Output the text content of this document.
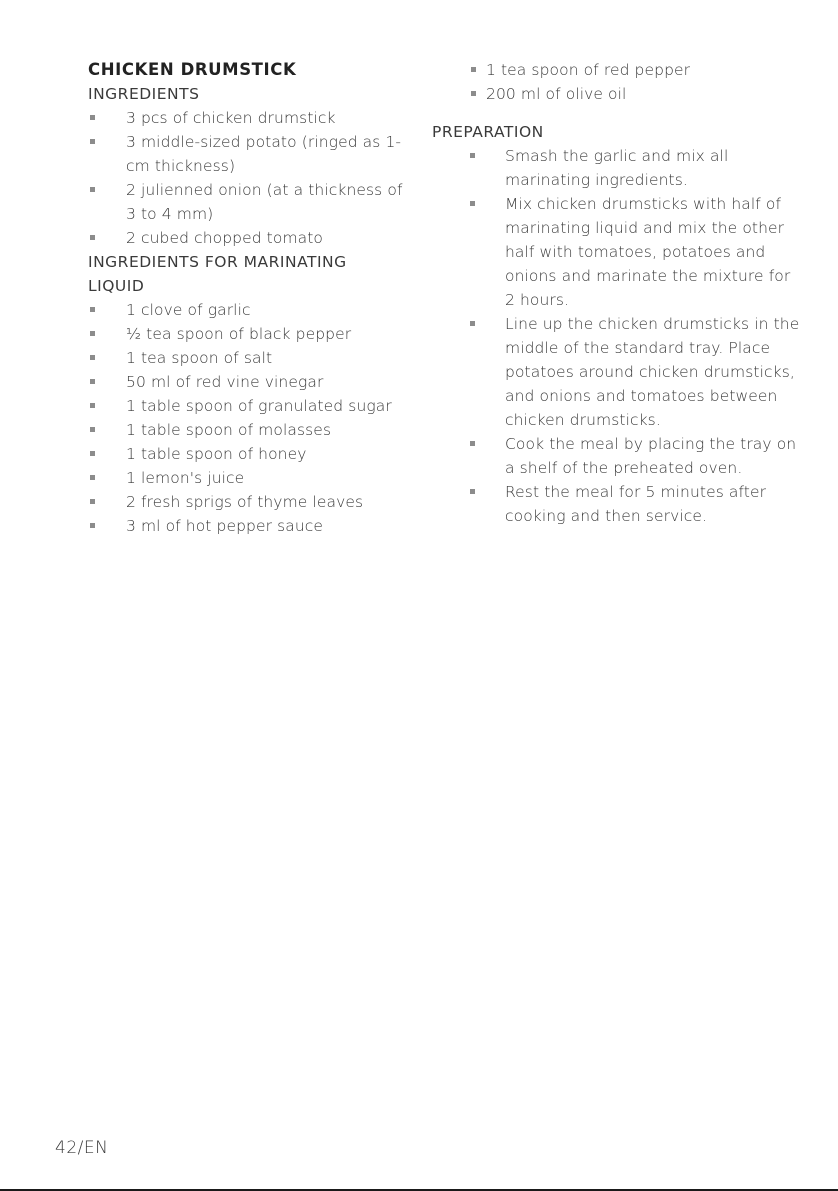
CHICKEN DRUMSTICK
INGREDIENTS
3 pcs of chicken drumstick
3 middle-sized potato (ringed as 1-cm thickness)
2 julienned onion (at a thickness of 3 to 4 mm)
2 cubed chopped tomato
INGREDIENTS FOR MARINATING LIQUID
1 clove of garlic
½ tea spoon of black pepper
1 tea spoon of salt
50 ml of red vine vinegar
1 table spoon of granulated sugar
1 table spoon of molasses
1 table spoon of honey
1 lemon's juice
2 fresh sprigs of thyme leaves
3 ml of hot pepper sauce
1 tea spoon of red pepper
200 ml of olive oil
PREPARATION
Smash the garlic and mix all marinating ingredients.
Mix chicken drumsticks with half of marinating liquid and mix the other half with tomatoes, potatoes and onions and marinate the mixture for 2 hours.
Line up the chicken drumsticks in the middle of the standard tray. Place potatoes around chicken drumsticks, and onions and tomatoes between chicken drumsticks.
Cook the meal by placing the tray on a shelf of the preheated oven.
Rest the meal for 5 minutes after cooking and then service.
42/EN
